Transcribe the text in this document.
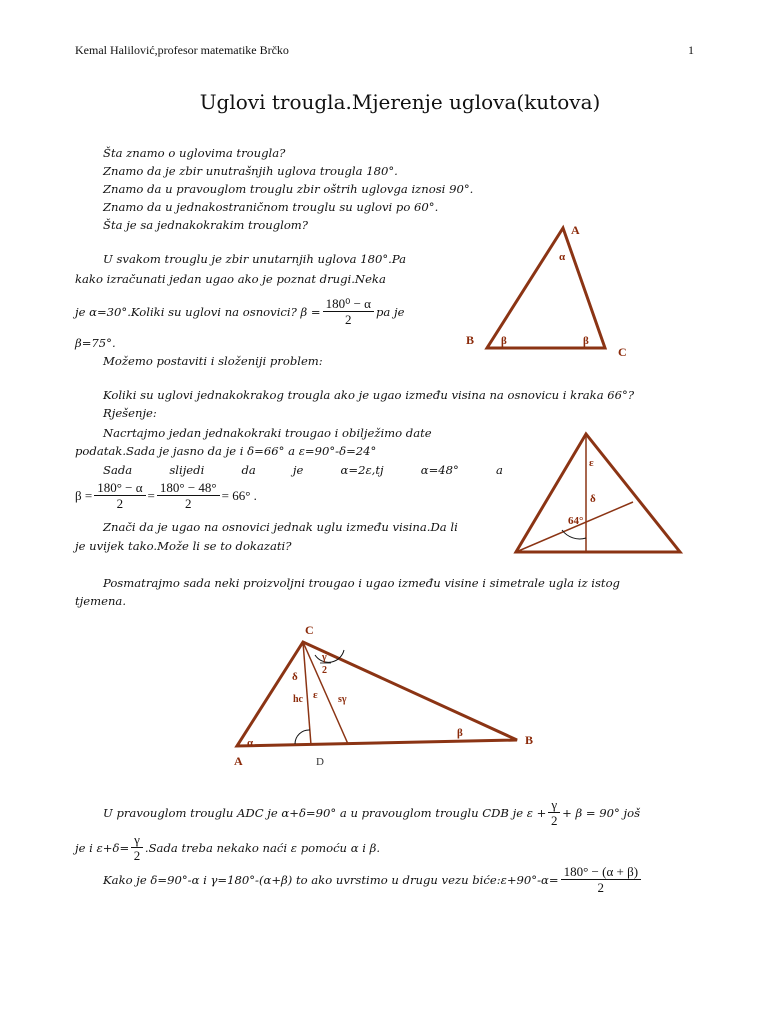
Kemal Halilović,profesor matematike Brčko	1
Uglovi trougla.Mjerenje uglova(kutova)
Šta znamo o uglovima trougla?
Znamo da je zbir unutrašnjih uglova trougla 180°.
Znamo da u pravouglom trouglu zbir oštrih uglovga iznosi 90°.
Znamo da u jednakostraničnom trouglu su uglovi po 60°.
Šta je sa jednakokrakim trouglom?
U svakom trouglu je zbir unutarnjih uglova 180°.Pa
kako izračunati jedan ugao ako je poznat drugi.Neka
je α=30°.Koliki su uglovi na osnovici? $\beta = \frac{\text{180⁰ − α}}{2}$ pa je
β=75°.
Možemo postaviti i složeniji problem:
A
B
C
α
β	β
Koliki su uglovi jednakokrakog trougla ako je ugao između visina na osnovicu i kraka 66°?
Rješenje:
Nacrtajmo jedan jednakokraki trougao i obilježimo date
podatak.Sada je jasno da je i δ=66° a ε=90°-δ=24°
Sada	slijedi	da	je	α=2ε,tj	α=48°	a
$\beta = \frac{180^\circ - \alpha}{2} = \frac{180^\circ - 48^\circ}{2} = 66^\circ$ .
Znači da je ugao na osnovici jednak uglu između visina.Da li
je uvijek tako.Može li se to dokazati?
ε
δ
64°
Posmatrajmo sada neki proizvoljni trougao i ugao između visine i simetrale ugla iz istog
tjemena.
C
A
B
D
α
β
δ
ε
hc	sγ
γ
2
U pravouglom trouglu ADC je α+δ=90° a u pravouglom trouglu CDB je $\varepsilon + \frac{\gamma}{2} + \beta = 90^\circ$ još
je i $\varepsilon+\delta= \frac{\gamma}{2}$ .Sada treba nekako naći ε pomoću α i β.
Kako je δ=90°-α i γ=180°-(α+β) to ako uvrstimo u drugu vezu biće:ε+90°-α= $\frac{180^\circ - (\alpha + \beta)}{2}$
